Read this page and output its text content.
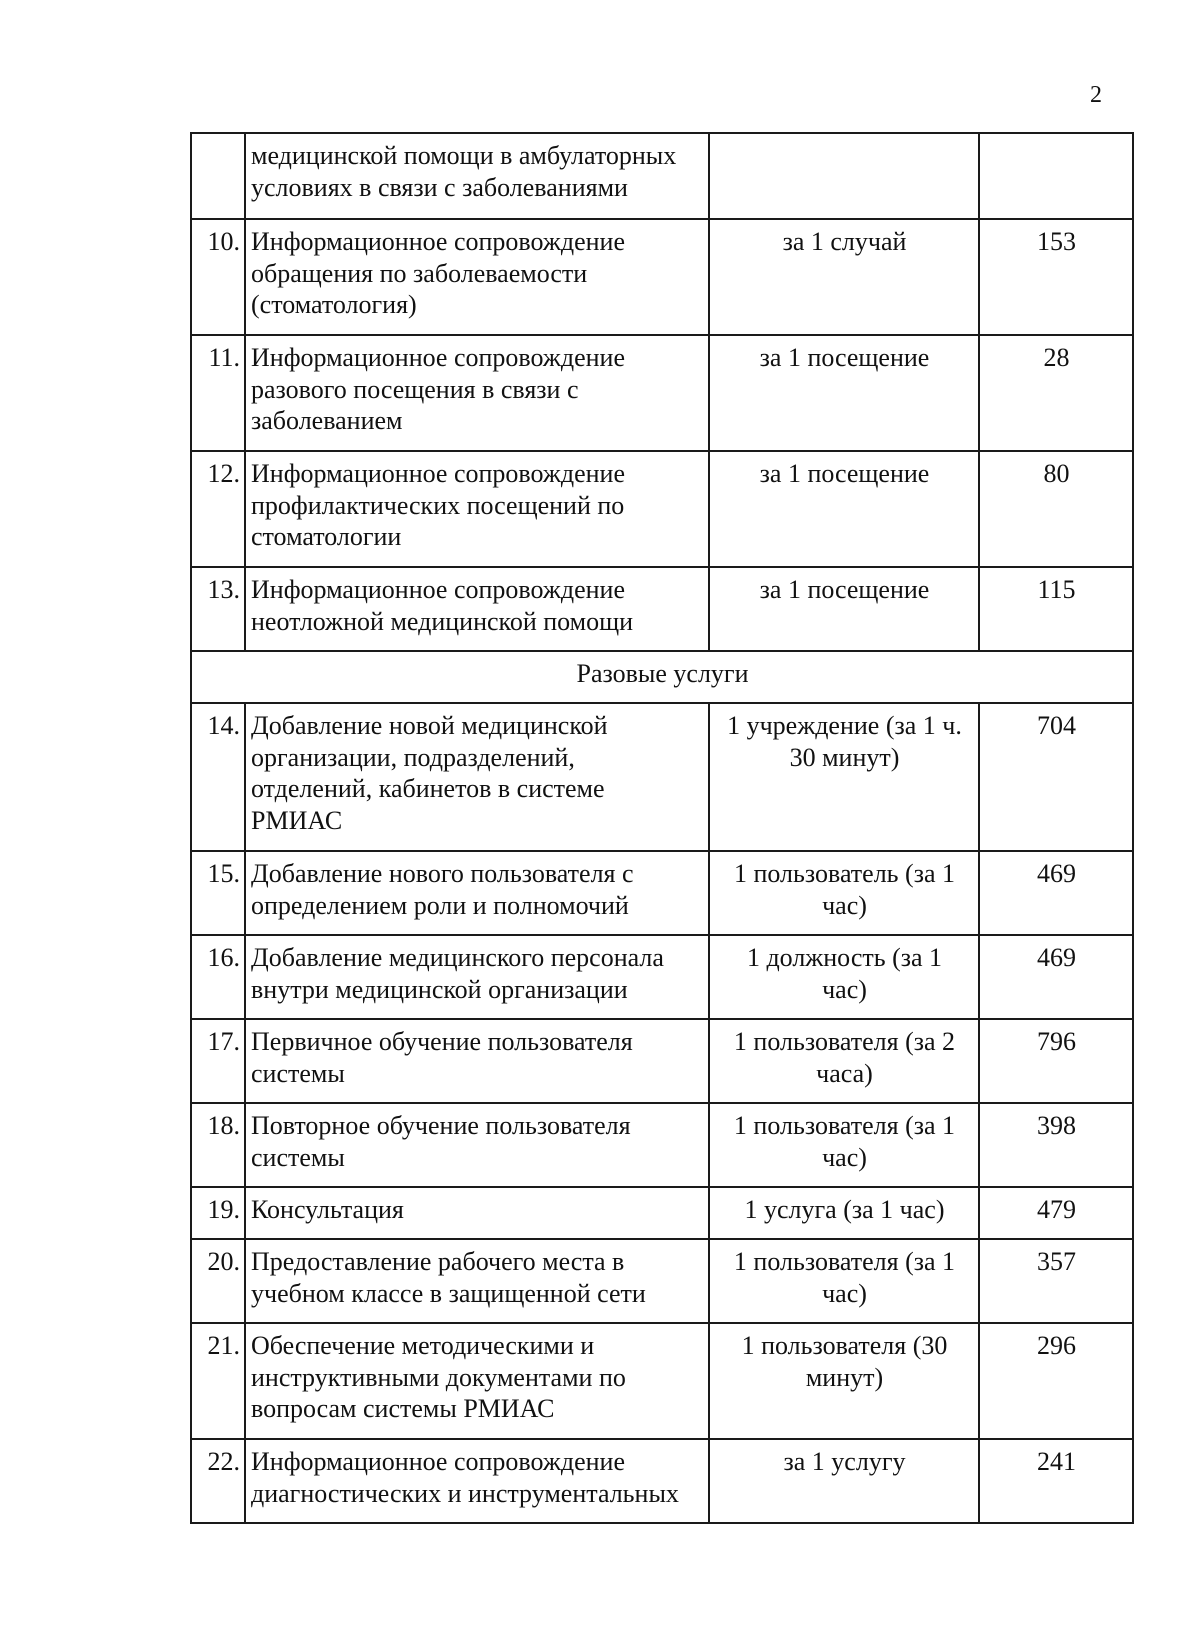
2

	медицинской помощи в амбулаторных
условиях в связи с заболеваниями		

10.	Информационное сопровождение
обращения по заболеваемости
(стоматология)	за 1 случай	153
11.	Информационное сопровождение
разового посещения в связи с
заболеванием	за 1 посещение	28
12.	Информационное сопровождение
профилактических посещений по
стоматологии	за 1 посещение	80
13.	Информационное сопровождение
неотложной медицинской помощи	за 1 посещение	115
Разовые услуги			
14.	Добавление новой медицинской
организации, подразделений,
отделений, кабинетов в системе
РМИАС	1 учреждение (за 1 ч.
30 минут)	704
15.	Добавление нового пользователя с
определением роли и полномочий	1 пользователь (за 1
час)	469
16.	Добавление медицинского персонала
внутри медицинской организации	1 должность (за 1
час)	469
17.	Первичное обучение пользователя
системы	1 пользователя (за 2
часа)	796
18.	Повторное обучение пользователя
системы	1 пользователя (за 1
час)	398
19.	Консультация	1 услуга (за 1 час)	479
20.	Предоставление рабочего места в
учебном классе в защищенной сети	1 пользователя (за 1
час)	357
21.	Обеспечение методическими и
инструктивными документами по
вопросам системы РМИАС	1 пользователя (30
минут)	296
22.	Информационное сопровождение
диагностических и инструментальных	за 1 услугу	241
